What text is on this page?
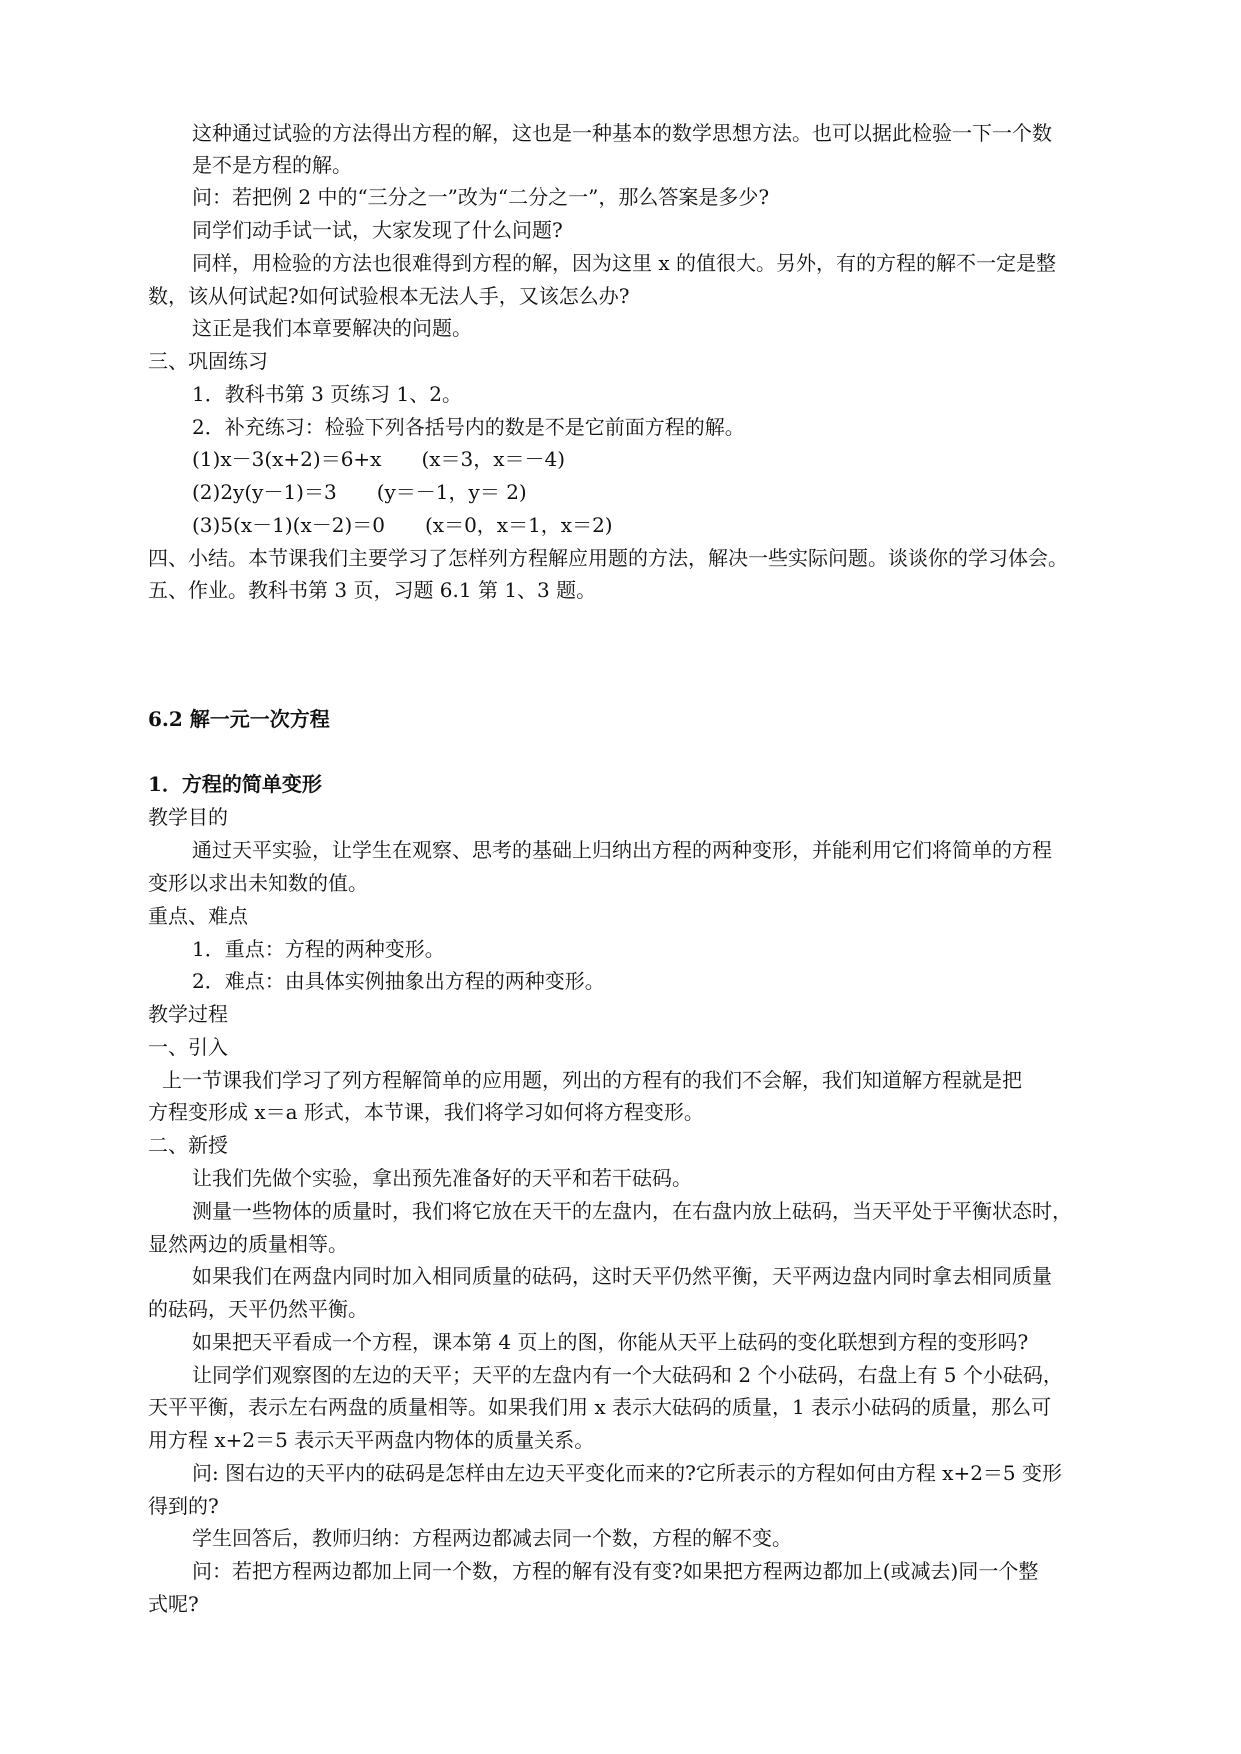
这种通过试验的方法得出方程的解，这也是一种基本的数学思想方法。也可以据此检验一下一个数
是不是方程的解。
问：若把例 2 中的“三分之一”改为“二分之一”，那么答案是多少?
同学们动手试一试，大家发现了什么问题?
同样，用检验的方法也很难得到方程的解，因为这里 x 的值很大。另外，有的方程的解不一定是整
数，该从何试起?如何试验根本无法人手，又该怎么办?
这正是我们本章要解决的问题。
三、巩固练习
1．教科书第 3 页练习 1、2。
2．补充练习：检验下列各括号内的数是不是它前面方程的解。
(1)x－3(x+2)＝6+x　　(x＝3，x＝－4)
(2)2y(y－1)＝3　　(y＝－1，y＝ 2)
(3)5(x－1)(x－2)＝0　　(x＝0，x＝1，x＝2)
四、小结。本节课我们主要学习了怎样列方程解应用题的方法，解决一些实际问题。谈谈你的学习体会。
五、作业。教科书第 3 页，习题 6.1 第 1、3 题。
6.2 解一元一次方程
1．方程的简单变形
教学目的
通过天平实验，让学生在观察、思考的基础上归纳出方程的两种变形，并能利用它们将简单的方程
变形以求出未知数的值。
重点、难点
1．重点：方程的两种变形。
2．难点：由具体实例抽象出方程的两种变形。
教学过程
一、引入
上一节课我们学习了列方程解简单的应用题，列出的方程有的我们不会解，我们知道解方程就是把
方程变形成 x＝a 形式，本节课，我们将学习如何将方程变形。
二、新授
让我们先做个实验，拿出预先准备好的天平和若干砝码。
测量一些物体的质量时，我们将它放在天干的左盘内，在右盘内放上砝码，当天平处于平衡状态时，
显然两边的质量相等。
如果我们在两盘内同时加入相同质量的砝码，这时天平仍然平衡，天平两边盘内同时拿去相同质量
的砝码，天平仍然平衡。
如果把天平看成一个方程，课本第 4 页上的图，你能从天平上砝码的变化联想到方程的变形吗?
让同学们观察图的左边的天平；天平的左盘内有一个大砝码和 2 个小砝码，右盘上有 5 个小砝码，
天平平衡，表示左右两盘的质量相等。如果我们用 x 表示大砝码的质量，1 表示小砝码的质量，那么可
用方程 x+2＝5 表示天平两盘内物体的质量关系。
问: 图右边的天平内的砝码是怎样由左边天平变化而来的?它所表示的方程如何由方程 x+2＝5 变形
得到的?
学生回答后，教师归纳：方程两边都减去同一个数，方程的解不变。
问：若把方程两边都加上同一个数，方程的解有没有变?如果把方程两边都加上(或减去)同一个整
式呢?
